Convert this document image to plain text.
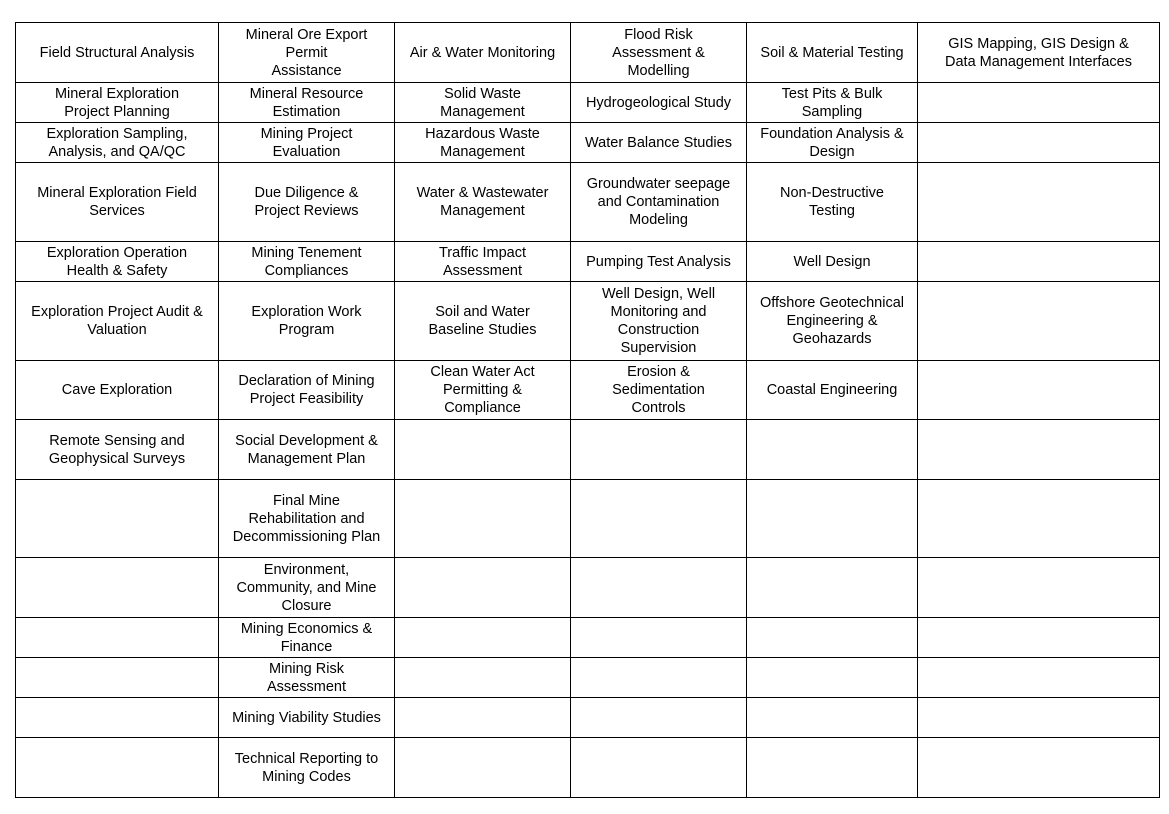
Field Structural Analysis	Mineral Ore Export
Permit
Assistance	Air & Water Monitoring	Flood Risk
Assessment &
Modelling	Soil & Material Testing	GIS Mapping, GIS Design &
Data Management Interfaces

Mineral Exploration
Project Planning	Mineral Resource
Estimation	Solid Waste
Management	Hydrogeological Study	Test Pits & Bulk
Sampling	

Exploration Sampling,
Analysis, and QA/QC	Mining Project
Evaluation	Hazardous Waste
Management	Water Balance Studies	Foundation Analysis &
Design	

Mineral Exploration Field
Services	Due Diligence &
Project Reviews	Water & Wastewater
Management	Groundwater seepage
and Contamination
Modeling	Non-Destructive
Testing	

Exploration Operation
Health & Safety	Mining Tenement
Compliances	Traffic Impact
Assessment	Pumping Test Analysis	Well Design	

Exploration Project Audit &
Valuation	Exploration Work
Program	Soil and Water
Baseline Studies	Well Design, Well
Monitoring and
Construction
Supervision	Offshore Geotechnical
Engineering &
Geohazards	

Cave Exploration	Declaration of Mining
Project Feasibility	Clean Water Act
Permitting &
Compliance	Erosion &
Sedimentation
Controls	Coastal Engineering	

Remote Sensing and
Geophysical Surveys	Social Development &
Management Plan				

	Final Mine
Rehabilitation and
Decommissioning Plan				

	Environment,
Community, and Mine
Closure				

	Mining Economics &
Finance				

	Mining Risk
Assessment				

	Mining Viability Studies				

	Technical Reporting to
Mining Codes				
